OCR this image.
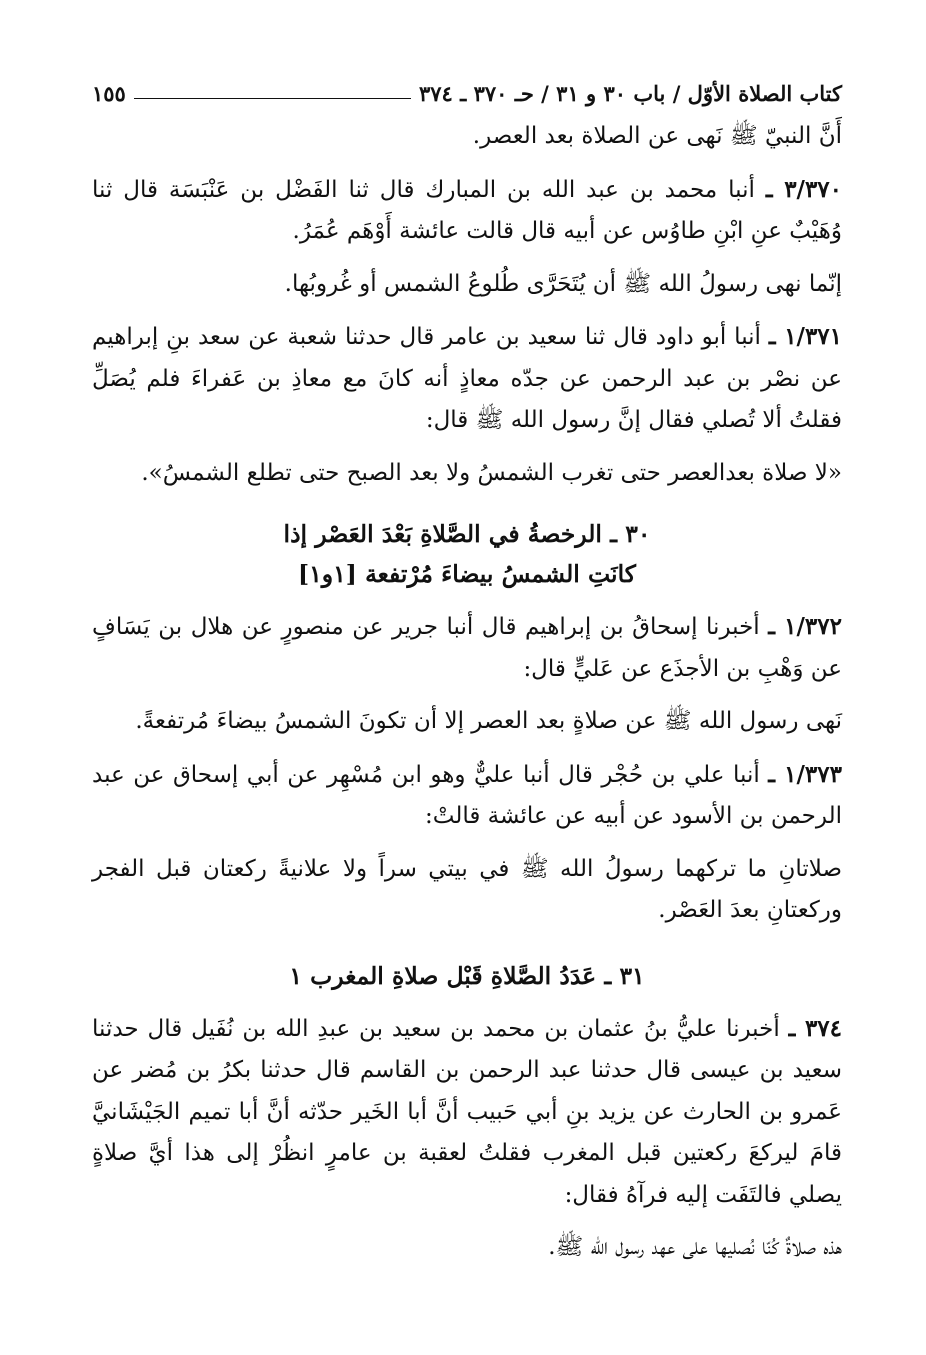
كتاب الصلاة الأوّل / باب ٣٠ و ٣١ / حـ ٣٧٠ ـ ٣٧٤
١٥٥

أَنَّ النبيّ ﷺ نَهى عن الصلاة بعد العصر.

٣/٣٧٠ ـ أنبا محمد بن عبد الله بن المبارك قال ثنا الفَضْل بن عَنْبَسَة قال ثنا وُهَيْبٌ عنِ ابْنِ طاوُس عن أبيه قال قالت عائشة أَوْهَم عُمَرُ.

إنّما نهى رسولُ الله ﷺ أن يُتَحَرَّى طُلوعُ الشمس أو غُروبُها.

١/٣٧١ ـ أنبا أبو داود قال ثنا سعيد بن عامر قال حدثنا شعبة عن سعد بنِ إبراهيم عن نصْر بن عبد الرحمن عن جدّه معاذٍ أنه كانَ مع معاذِ بن عَفراءَ فلم يُصَلِّ فقلتُ ألا تُصلي فقال إنَّ رسول الله ﷺ قال:

«لا صلاة بعدالعصر حتى تغرب الشمسُ ولا بعد الصبح حتى تطلع الشمسُ».

٣٠ ـ الرخصةُ في الصَّلاةِ بَعْدَ العَصْر إذا
كانَتِ الشمسُ بيضاءَ مُرْتفعة [١و١]

١/٣٧٢ ـ أخبرنا إسحاقُ بن إبراهيم قال أنبا جرير عن منصورٍ عن هلال بن يَسَافٍ عن وَهْبِ بن الأجذَع عن عَليٍّ قال:

نَهى رسول الله ﷺ عن صلاةٍ بعد العصر إلا أن تكونَ الشمسُ بيضاءَ مُرتفعةً.

١/٣٧٣ ـ أنبا علي بن حُجْر قال أنبا عليٌّ وهو ابن مُسْهِر عن أبي إسحاق عن عبد الرحمن بن الأسود عن أبيه عن عائشة قالتْ:

صلاتانِ ما تركهما رسولُ الله ﷺ في بيتي سراً ولا علانيةً ركعتان قبل الفجر وركعتانِ بعدَ العَصْر.

٣١ ـ عَدَدُ الصَّلاةِ قَبْل صلاةِ المغرب ١

٣٧٤ ـ أخبرنا عليُّ بنُ عثمان بن محمد بن سعيد بن عبدِ الله بن نُفَيل قال حدثنا سعيد بن عيسى قال حدثنا عبد الرحمن بن القاسم قال حدثنا بكرُ بن مُضر عن عَمرو بن الحارث عن يزيد بنِ أبي حَبيب أنَّ أبا الخَير حدّثه أنَّ أبا تميم الجَيْشَانيَّ قامَ ليركعَ ركعتين قبل المغرب فقلتُ لعقبة بن عامرٍ انظُرْ إلى هذا أيَّ صلاةٍ يصلي فالتَفَت إليه فرآهُ فقال:

هذه صلاةٌ كُنّا نُصليها على عهد رسول الله ﷺ.
